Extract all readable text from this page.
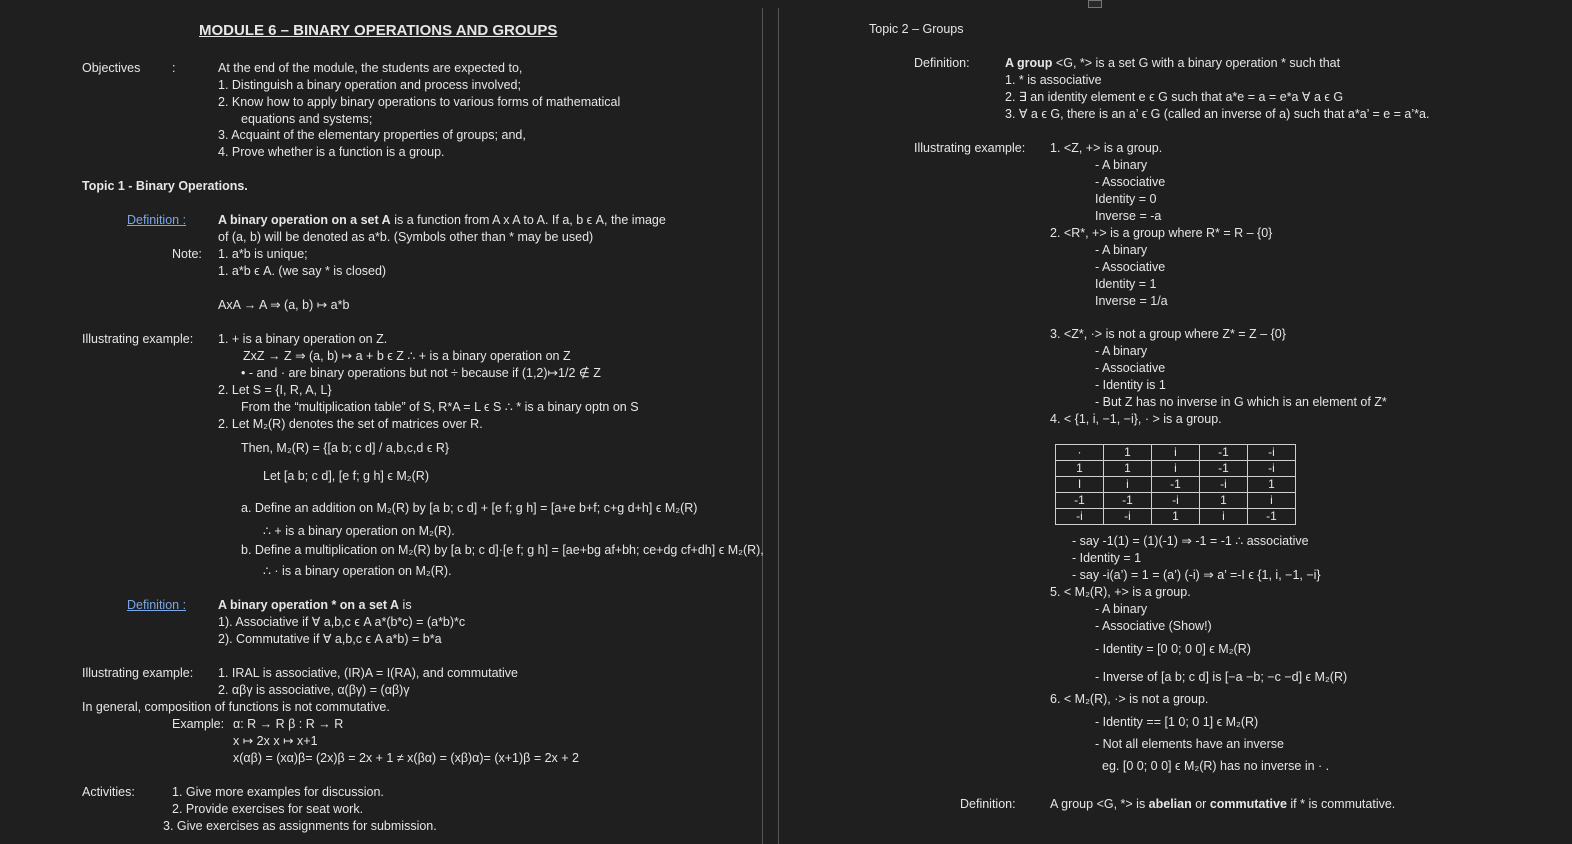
MODULE 6 – BINARY OPERATIONS AND GROUPS
Objectives	:	At the end of the module, the students are expected to,
1. Distinguish a binary operation and process involved;
2. Know how to apply binary operations to various forms of mathematical
equations and systems;
3. Acquaint of the elementary properties of groups; and,
4. Prove whether is a function is a group.
Topic 1 - Binary Operations.
Definition :	A binary operation on a set A is a function from A x A to A. If a, b ϵ A, the image
of (a, b) will be denoted as a*b. (Symbols other than * may be used)
Note: 1. a*b is unique;
1. a*b ϵ A. (we say * is closed)
AxA → A ⇒ (a, b) ↦ a*b
Illustrating example: 1. + is a binary operation on Z.
ZxZ → Z ⇒ (a, b) ↦ a + b ϵ Z ∴ + is a binary operation on Z
• - and · are binary operations but not ÷ because if (1,2)↦1/2 ∉ Z
2. Let S = {I, R, A, L}
From the “multiplication table” of S, R*A = L ϵ S ∴ * is a binary optn on S
2. Let M₂(R) denotes the set of matrices over R.
Then, M₂(R) = {[a b; c d] / a,b,c,d ϵ R}
Let [a b; c d], [e f; g h] ϵ M₂(R)
a. Define an addition on M₂(R) by [a b; c d] + [e f; g h] = [a+e b+f; c+g d+h] ϵ M₂(R)
∴ + is a binary operation on M₂(R).
b. Define a multiplication on M₂(R) by [a b; c d]·[e f; g h] = [ae+bg af+bh; ce+dg cf+dh] ϵ M₂(R),
∴ · is a binary operation on M₂(R).
Definition :	A binary operation * on a set A is
1). Associative if ∀ a,b,c ϵ A a*(b*c) = (a*b)*c
2). Commutative if ∀ a,b,c ϵ A a*b) = b*a
Illustrating example: 1. IRAL is associative, (IR)A = I(RA), and commutative
2. αβγ is associative, α(βγ) = (αβ)γ
In general, composition of functions is not commutative.
Example: α: R → R β : R → R
x ↦ 2x x ↦ x+1
x(αβ) = (xα)β= (2x)β = 2x + 1 ≠ x(βα) = (xβ)α)= (x+1)β = 2x + 2
Activities:	1. Give more examples for discussion.
2. Provide exercises for seat work.
3. Give exercises as assignments for submission.
Topic 2 – Groups
Definition:	A group <G, *> is a set G with a binary operation * such that
1. * is associative
2. ∃ an identity element e ϵ G such that a*e = a = e*a ∀ a ϵ G
3. ∀ a ϵ G, there is an a’ ϵ G (called an inverse of a) such that a*a’ = e = a’*a.
Illustrating example: 1. <Z, +> is a group.
- A binary
- Associative
Identity = 0
Inverse = -a
2. <R*, +> is a group where R* = R – {0}
- A binary
- Associative
Identity = 1
Inverse = 1/a
3. <Z*, ·> is not a group where Z* = Z – {0}
- A binary
- Associative
- Identity is 1
- But Z has no inverse in G which is an element of Z*
4. < {1, i, −1, −i}, · > is a group.
·	1	i	-1	-i
1	1	i	-1	-i
I	i	-1	-i	1
-1	-1	-i	1	i
-i	-i	1	i	-1
- say -1(1) = (1)(-1) ⇒ -1 = -1 ∴ associative
- Identity = 1
- say -i(a’) = 1 = (a’) (-i) ⇒ a’ =-I ϵ {1, i, −1, −i}
5. < M₂(R), +> is a group.
- A binary
- Associative (Show!)
- Identity = [0 0; 0 0] ϵ M₂(R)
- Inverse of [a b; c d] is [−a −b; −c −d] ϵ M₂(R)
6. < M₂(R), ·> is not a group.
- Identity == [1 0; 0 1] ϵ M₂(R)
- Not all elements have an inverse
eg. [0 0; 0 0] ϵ M₂(R) has no inverse in · .
Definition:	A group <G, *> is abelian or commutative if * is commutative.
